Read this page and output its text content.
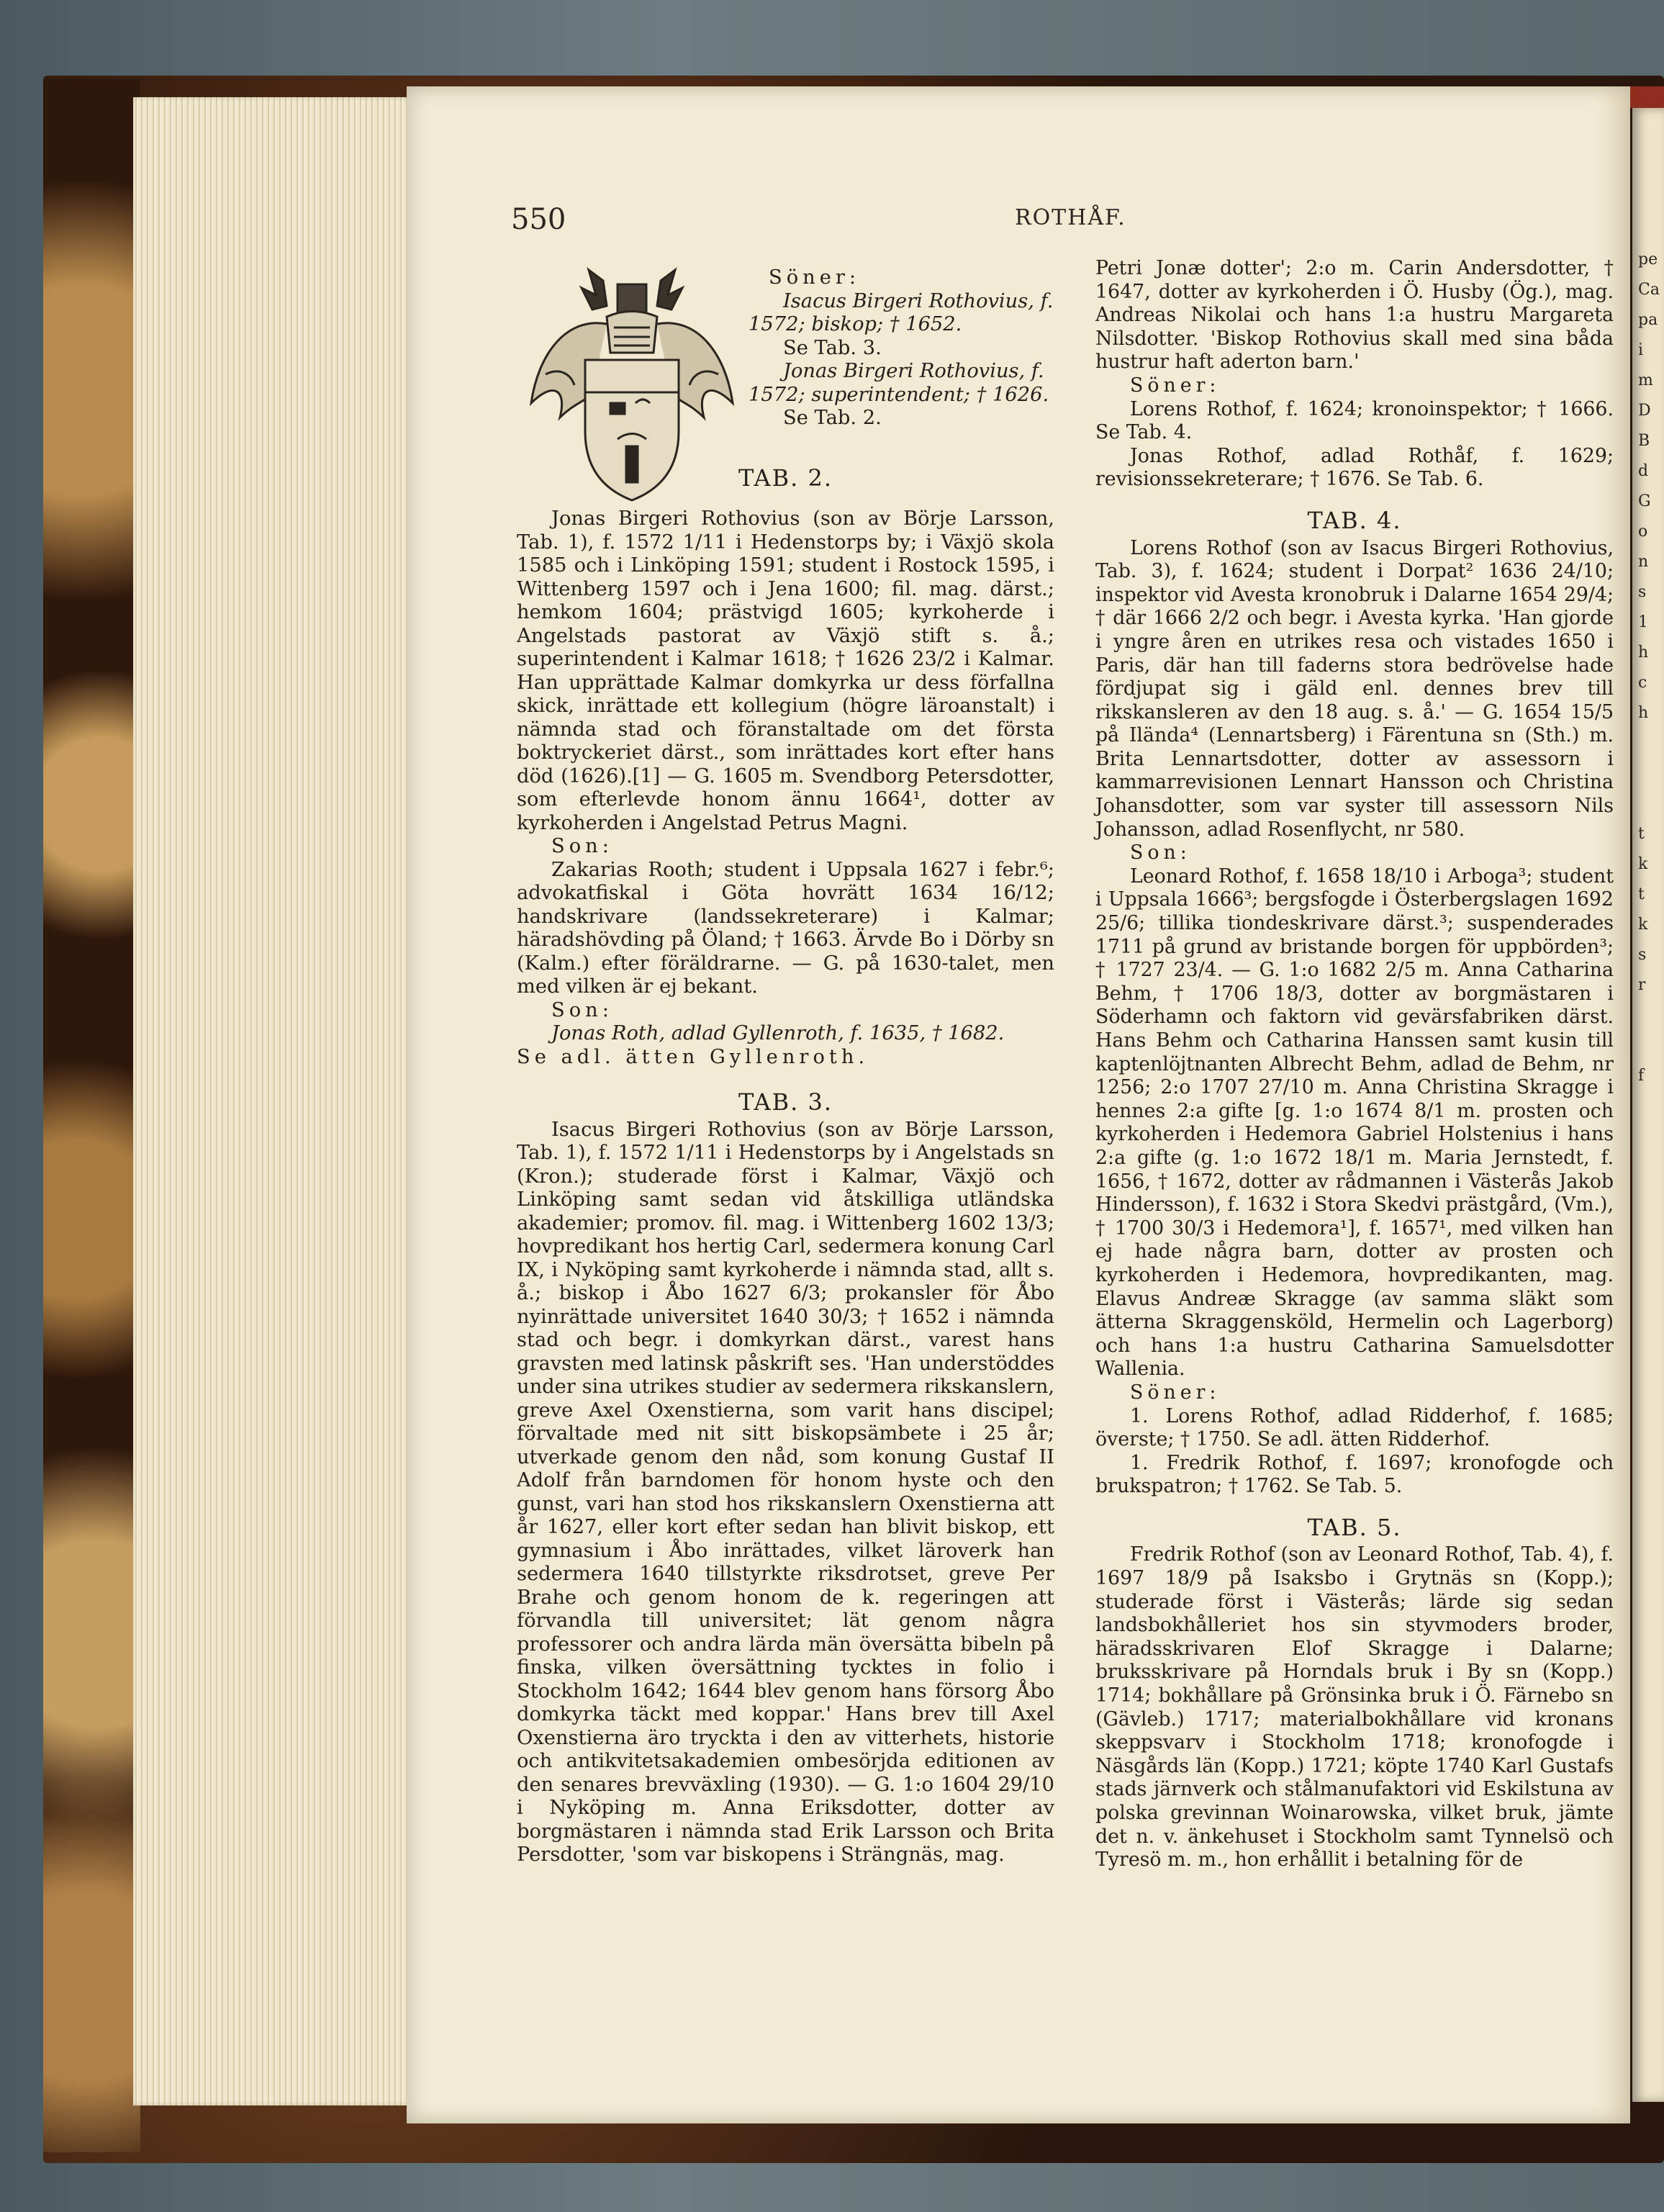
pe
Ca
pa
i
m
D
B
d
G
o
n
s
1
h
c
h

t
k
t
k
s
r

f
550	ROTHÅF.

Söner:

Isacus Birgeri Rothovius, f. 1572; biskop; † 1652.

Se Tab. 3.

Jonas Birgeri Rothovius, f. 1572; superintendent; † 1626.

Se Tab. 2.

TAB. 2.

Jonas Birgeri Rothovius (son av Börje Larsson, Tab. 1), f. 1572 1/11 i Hedenstorps by; i Växjö skola 1585 och i Linköping 1591; student i Rostock 1595, i Wittenberg 1597 och i Jena 1600; fil. mag. därst.; hemkom 1604; prästvigd 1605; kyrkoherde i Angelstads pastorat av Växjö stift s. å.; superintendent i Kalmar 1618; † 1626 23/2 i Kalmar. Han upprättade Kalmar domkyrka ur dess förfallna skick, inrättade ett kollegium (högre läroanstalt) i nämnda stad och föranstaltade om det första boktryckeriet därst., som inrättades kort efter hans död (1626).[1] — G. 1605 m. Svendborg Petersdotter, som efterlevde honom ännu 1664¹, dotter av kyrkoherden i Angelstad Petrus Magni.

Son:

Zakarias Rooth; student i Uppsala 1627 i febr.⁶; advokatfiskal i Göta hovrätt 1634 16/12; handskrivare (landssekreterare) i Kalmar; häradshövding på Öland; † 1663. Ärvde Bo i Dörby sn (Kalm.) efter föräldrarne. — G. på 1630-talet, men med vilken är ej bekant.

Son:

Jonas Roth, adlad Gyllenroth, f. 1635, † 1682.

Se adl. ätten Gyllenroth.

TAB. 3.

Isacus Birgeri Rothovius (son av Börje Larsson, Tab. 1), f. 1572 1/11 i Hedenstorps by i Angelstads sn (Kron.); studerade först i Kalmar, Växjö och Linköping samt sedan vid åtskilliga utländska akademier; promov. fil. mag. i Wittenberg 1602 13/3; hovpredikant hos hertig Carl, sedermera konung Carl IX, i Nyköping samt kyrkoherde i nämnda stad, allt s. å.; biskop i Åbo 1627 6/3; prokansler för Åbo nyinrättade universitet 1640 30/3; † 1652 i nämnda stad och begr. i domkyrkan därst., varest hans gravsten med latinsk påskrift ses. 'Han understöddes under sina utrikes studier av sedermera rikskanslern, greve Axel Oxenstierna, som varit hans discipel; förvaltade med nit sitt biskopsämbete i 25 år; utverkade genom den nåd, som konung Gustaf II Adolf från barndomen för honom hyste och den gunst, vari han stod hos rikskanslern Oxenstierna att år 1627, eller kort efter sedan han blivit biskop, ett gymnasium i Åbo inrättades, vilket läroverk han sedermera 1640 tillstyrkte riksdrotset, greve Per Brahe och genom honom de k. regeringen att förvandla till universitet; lät genom några professorer och andra lärda män översätta bibeln på finska, vilken översättning tycktes in folio i Stockholm 1642; 1644 blev genom hans försorg Åbo domkyrka täckt med koppar.' Hans brev till Axel Oxenstierna äro tryckta i den av vitterhets, historie och antikvitetsakademien ombesörjda editionen av den senares brevväxling (1930). — G. 1:o 1604 29/10 i Nyköping m. Anna Eriksdotter, dotter av borgmästaren i nämnda stad Erik Larsson och Brita Persdotter, 'som var biskopens i Strängnäs, mag.

Petri Jonæ dotter'; 2:o m. Carin Andersdotter, † 1647, dotter av kyrkoherden i Ö. Husby (Ög.), mag. Andreas Nikolai och hans 1:a hustru Margareta Nilsdotter. 'Biskop Rothovius skall med sina båda hustrur haft aderton barn.'

Söner:

Lorens Rothof, f. 1624; kronoinspektor; † 1666. Se Tab. 4.

Jonas Rothof, adlad Rothåf, f. 1629; revisionssekreterare; † 1676. Se Tab. 6.

TAB. 4.

Lorens Rothof (son av Isacus Birgeri Rothovius, Tab. 3), f. 1624; student i Dorpat² 1636 24/10; inspektor vid Avesta kronobruk i Dalarne 1654 29/4; † där 1666 2/2 och begr. i Avesta kyrka. 'Han gjorde i yngre åren en utrikes resa och vistades 1650 i Paris, där han till faderns stora bedrövelse hade fördjupat sig i gäld enl. dennes brev till rikskansleren av den 18 aug. s. å.' — G. 1654 15/5 på Ilända⁴ (Lennartsberg) i Färentuna sn (Sth.) m. Brita Lennartsdotter, dotter av assessorn i kammarrevisionen Lennart Hansson och Christina Johansdotter, som var syster till assessorn Nils Johansson, adlad Rosenflycht, nr 580.

Son:

Leonard Rothof, f. 1658 18/10 i Arboga³; student i Uppsala 1666³; bergsfogde i Österbergslagen 1692 25/6; tillika tiondeskrivare därst.³; suspenderades 1711 på grund av bristande borgen för uppbörden³; † 1727 23/4. — G. 1:o 1682 2/5 m. Anna Catharina Behm, † 1706 18/3, dotter av borgmästaren i Söderhamn och faktorn vid gevärsfabriken därst. Hans Behm och Catharina Hanssen samt kusin till kaptenlöjtnanten Albrecht Behm, adlad de Behm, nr 1256; 2:o 1707 27/10 m. Anna Christina Skragge i hennes 2:a gifte [g. 1:o 1674 8/1 m. prosten och kyrkoherden i Hedemora Gabriel Holstenius i hans 2:a gifte (g. 1:o 1672 18/1 m. Maria Jernstedt, f. 1656, † 1672, dotter av rådmannen i Västerås Jakob Hindersson), f. 1632 i Stora Skedvi prästgård, (Vm.), † 1700 30/3 i Hedemora¹], f. 1657¹, med vilken han ej hade några barn, dotter av prosten och kyrkoherden i Hedemora, hovpredikanten, mag. Elavus Andreæ Skragge (av samma släkt som ätterna Skraggensköld, Hermelin och Lagerborg) och hans 1:a hustru Catharina Samuelsdotter Wallenia.

Söner:

1. Lorens Rothof, adlad Ridderhof, f. 1685; överste; † 1750. Se adl. ätten Ridderhof.

1. Fredrik Rothof, f. 1697; kronofogde och brukspatron; † 1762. Se Tab. 5.

TAB. 5.

Fredrik Rothof (son av Leonard Rothof, Tab. 4), f. 1697 18/9 på Isaksbo i Grytnäs sn (Kopp.); studerade först i Västerås; lärde sig sedan landsbokhålleriet hos sin styvmoders broder, häradsskrivaren Elof Skragge i Dalarne; bruksskrivare på Horndals bruk i By sn (Kopp.) 1714; bokhållare på Grönsinka bruk i Ö. Färnebo sn (Gävleb.) 1717; materialbokhållare vid kronans skeppsvarv i Stockholm 1718; kronofogde i Näsgårds län (Kopp.) 1721; köpte 1740 Karl Gustafs stads järnverk och stålmanufaktori vid Eskilstuna av polska grevinnan Woinarowska, vilket bruk, jämte det n. v. änkehuset i Stockholm samt Tynnelsö och Tyresö m. m., hon erhållit i betalning för de
